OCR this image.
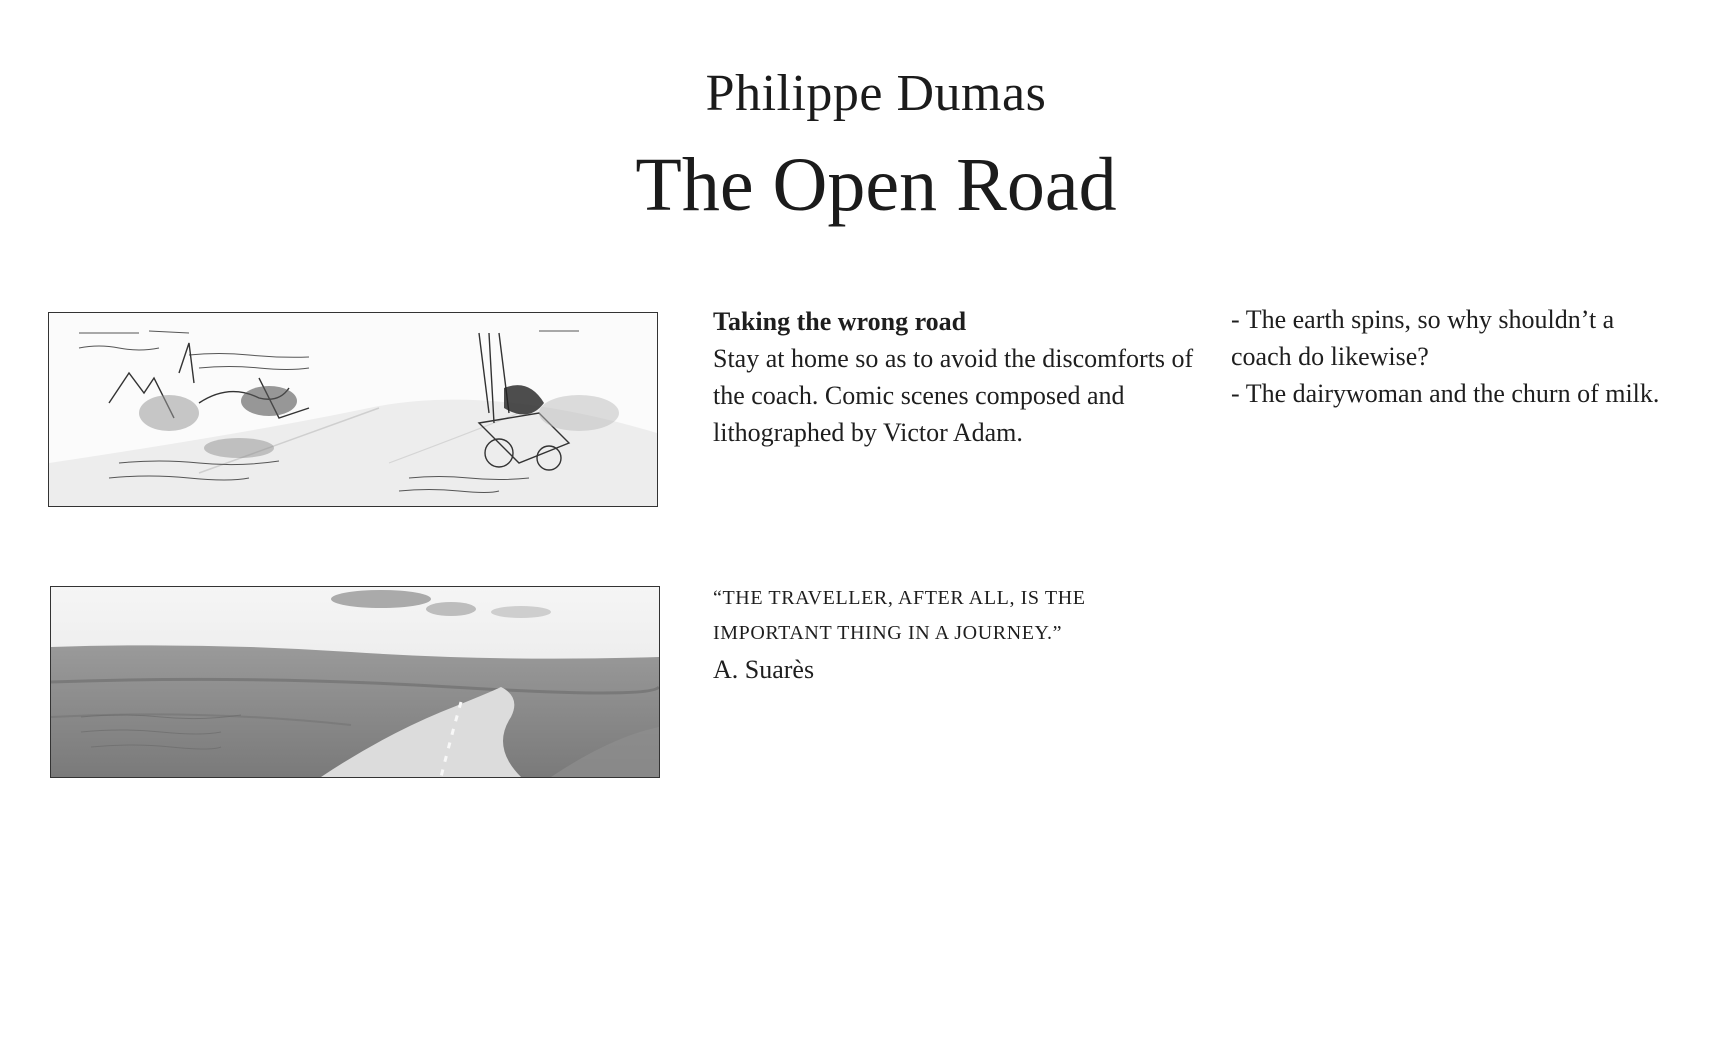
Philippe Dumas
The Open Road
Taking the wrong road
Stay at home so as to avoid the discomforts of the coach. Comic scenes composed and lithographed by Victor Adam.
- The earth spins, so why shouldn’t a coach do likewise?
- The dairywoman and the churn of milk.
“THE TRAVELLER, AFTER ALL, IS THE
IMPORTANT THING IN A JOURNEY.”
A. Suarès
